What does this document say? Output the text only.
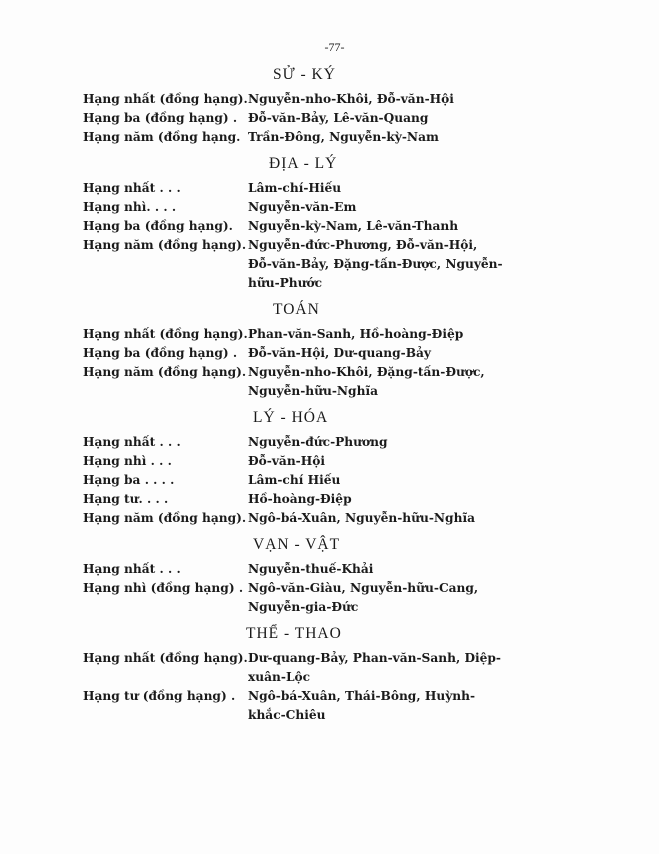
-77-
SỬ - KÝ
Hạng nhất (đồng hạng). Nguyễn-nho-Khôi, Đỗ-văn-Hội
Hạng ba (đồng hạng) . Đỗ-văn-Bảy, Lê-văn-Quang
Hạng năm (đồng hạng. Trần-Đông, Nguyễn-kỳ-Nam
ĐỊA - LÝ
Hạng nhất . . .	Lâm-chí-Hiếu
Hạng nhì. . . .	Nguyễn-văn-Em
Hạng ba (đồng hạng).	Nguyễn-kỳ-Nam, Lê-văn-Thanh
Hạng năm (đồng hạng). Nguyễn-đức-Phương, Đỗ-văn-Hội, Đỗ-văn-Bảy, Đặng-tấn-Được, Nguyễn-hữu-Phước
TOÁN
Hạng nhất (đồng hạng). Phan-văn-Sanh, Hồ-hoàng-Điệp
Hạng ba (đồng hạng) . Đỗ-văn-Hội, Dư-quang-Bảy
Hạng năm (đồng hạng). Nguyễn-nho-Khôi, Đặng-tấn-Được, Nguyễn-hữu-Nghĩa
LÝ - HÓA
Hạng nhất . . .	Nguyễn-đức-Phương
Hạng nhì . . .	Đỗ-văn-Hội
Hạng ba . . . .	Lâm-chí Hiếu
Hạng tư. . . .	Hồ-hoàng-Điệp
Hạng năm (đồng hạng). Ngô-bá-Xuân, Nguyễn-hữu-Nghĩa
VẠN - VẬT
Hạng nhất . . .	Nguyễn-thuế-Khải
Hạng nhì (đồng hạng) . Ngô-văn-Giàu, Nguyễn-hữu-Cang, Nguyễn-gia-Đức
THỂ - THAO
Hạng nhất (đồng hạng). Dư-quang-Bảy, Phan-văn-Sanh, Diệp-xuân-Lộc
Hạng tư (đồng hạng) .	Ngô-bá-Xuân, Thái-Bông, Huỳnh-khắc-Chiêu
